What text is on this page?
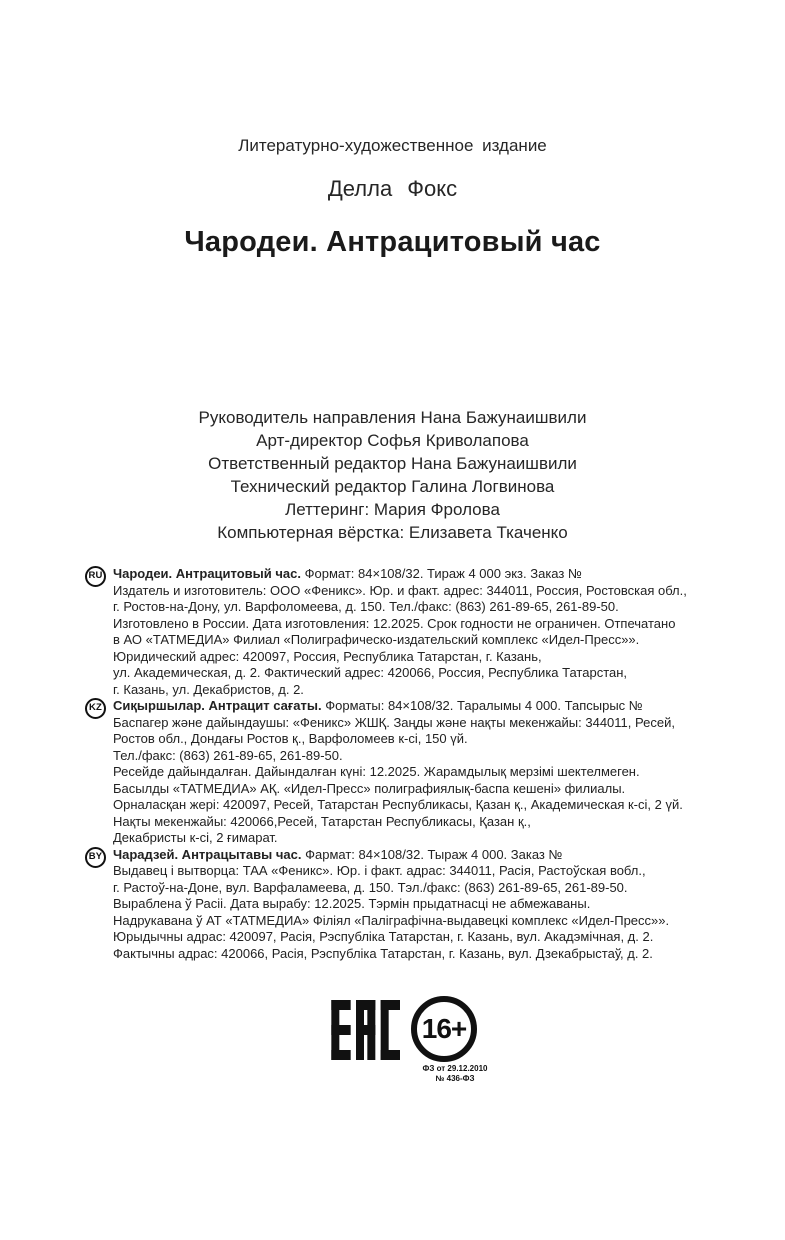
Литературно-художественное издание
Делла Фокс
Чародеи. Антрацитовый час
Руководитель направления Нана Бажунаишвили
Арт-директор Софья Криволапова
Ответственный редактор Нана Бажунаишвили
Технический редактор Галина Логвинова
Леттеринг: Мария Фролова
Компьютерная вёрстка: Елизавета Ткаченко
RU Чародеи. Антрацитовый час. Формат: 84×108/32. Тираж 4 000 экз. Заказ №
Издатель и изготовитель: ООО «Феникс». Юр. и факт. адрес: 344011, Россия, Ростовская обл.,
г. Ростов-на-Дону, ул. Варфоломеева, д. 150. Тел./факс: (863) 261-89-65, 261-89-50.
Изготовлено в России. Дата изготовления: 12.2025. Срок годности не ограничен. Отпечатано
в АО «ТАТМЕДИА» Филиал «Полиграфическо-издательский комплекс «Идел-Пресс»».
Юридический адрес: 420097, Россия, Республика Татарстан, г. Казань,
ул. Академическая, д. 2. Фактический адрес: 420066, Россия, Республика Татарстан,
г. Казань, ул. Декабристов, д. 2.
KZ Сиқыршылар. Антрацит сағаты. Форматы: 84×108/32. Таралымы 4 000. Тапсырыс №
Баспагер және дайындаушы: «Феникс» ЖШҚ. Заңды және нақты мекенжайы: 344011, Ресей,
Ростов обл., Дондағы Ростов қ., Варфоломеев к-сі, 150 үй.
Тел./факс: (863) 261-89-65, 261-89-50.
Ресейде дайындалған. Дайындалған күні: 12.2025. Жарамдылық мерзімі шектелмеген.
Басылды «ТАТМЕДИА» АҚ. «Идел-Пресс» полиграфиялық-баспа кешені» филиалы.
Орналасқан жері: 420097, Ресей, Татарстан Республикасы, Қазан қ., Академическая к-сі, 2 үй.
Нақты мекенжайы: 420066,Ресей, Татарстан Республикасы, Қазан қ.,
Декабристы к-сі, 2 ғимарат.
BY Чарадзей. Антрацытавы час. Фармат: 84×108/32. Тыраж 4 000. Заказ №
Выдавец і вытворца: ТАА «Феникс». Юр. і факт. адрас: 344011, Расія, Растоўская вобл.,
г. Растоў-на-Доне, вул. Варфаламеева, д. 150. Тэл./факс: (863) 261-89-65, 261-89-50.
Выраблена ў Расіі. Дата вырабу: 12.2025. Тэрмін прыдатнасці не абмежаваны.
Надрукавана ў АТ «ТАТМЕДИА» Філіял «Паліграфічна-выдавецкі комплекс «Идел-Пресс»».
Юрыдычны адрас: 420097, Расія, Рэспубліка Татарстан, г. Казань, вул. Акадэмічная, д. 2.
Фактычны адрас: 420066, Расія, Рэспубліка Татарстан, г. Казань, вул. Дзекабрыстаў, д. 2.
16+
ФЗ от 29.12.2010
№ 436-ФЗ
